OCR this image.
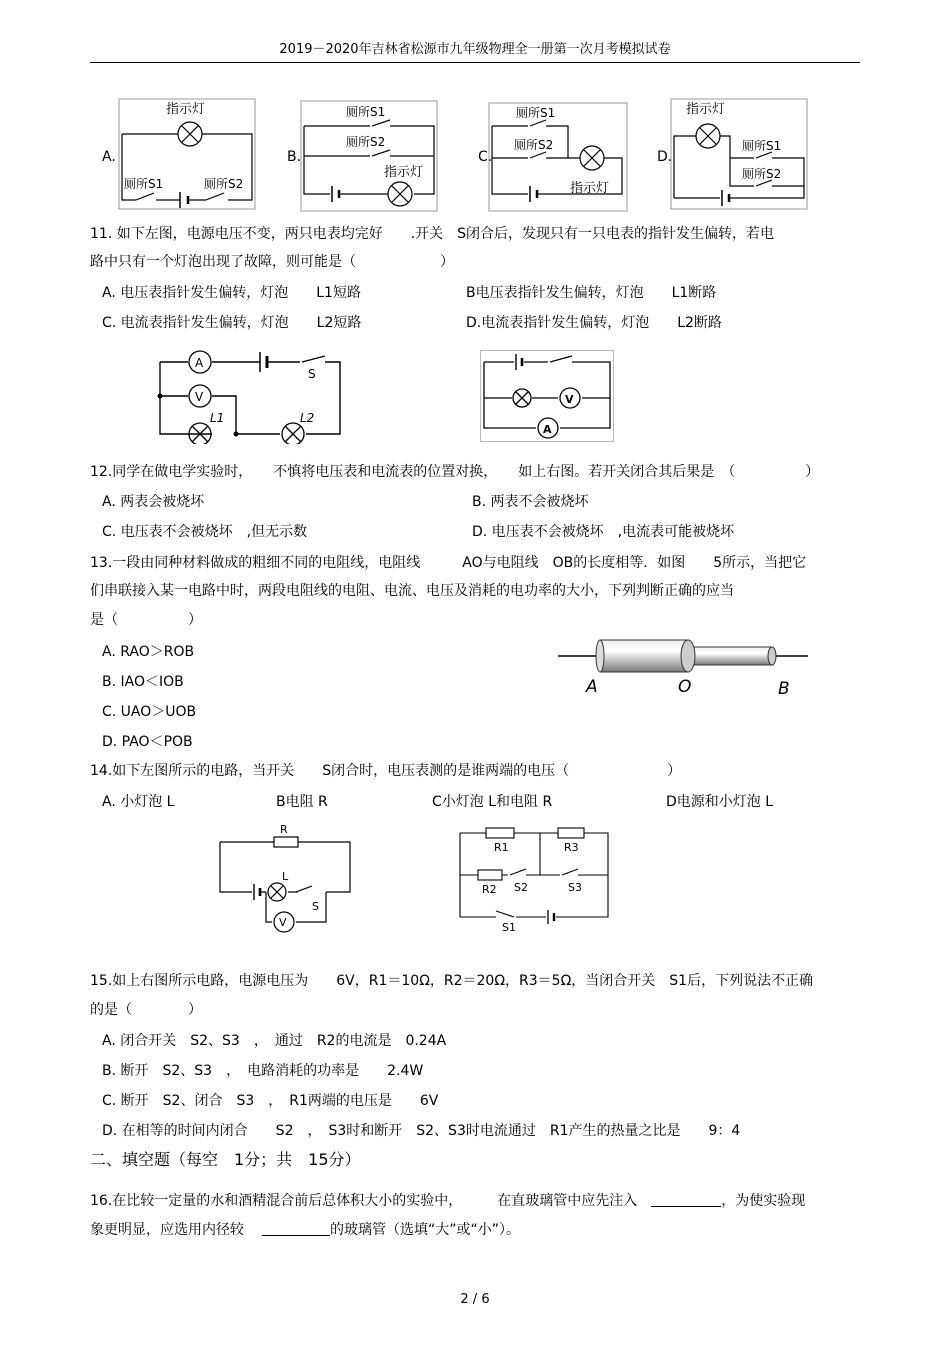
2019－2020年吉林省松源市九年级物理全一册第一次月考模拟试卷
A.
指示灯
厕所S1	厕所S2
B.
厕所S1
厕所S2
指示灯
C.
厕所S1
厕所S2
指示灯
D.
指示灯
厕所S1
厕所S2
11. 如下左图，电源电压不变，两只电表均完好　　.开关　S闭合后，发现只有一只电表的指针发生偏转，若电
路中只有一个灯泡出现了故障，则可能是（　　　　　　）
A. 电压表指针发生偏转，灯泡　　L1短路	B电压表指针发生偏转，灯泡　　L1断路
C. 电流表指针发生偏转，灯泡　　L2短路	D.电流表指针发生偏转，灯泡　　L2断路
A
S
V
L1	L2
V
A
12.同学在做电学实验时，　　不慎将电压表和电流表的位置对换，　　如上右图。若开关闭合其后果是　（　　　　　）
A. 两表会被烧坏	B. 两表不会被烧坏
C. 电压表不会被烧坏　,但无示数	D. 电压表不会被烧坏　,电流表可能被烧坏
13.一段由同种材料做成的粗细不同的电阻线，电阻线　　　AO与电阻线　OB的长度相等．如图　　5所示，当把它
们串联接入某一电路中时，两段电阻线的电阻、电流、电压及消耗的电功率的大小，下列判断正确的应当
是（　　　　　）
A. RAO＞ROB
B. IAO＜IOB
C. UAO＞UOB
D. PAO＜POB
A	O	B
14.如下左图所示的电路，当开关　　S闭合时，电压表测的是谁两端的电压（　　　　　　　）
A. 小灯泡 L	B电阻 R	C小灯泡 L和电阻 R	D电源和小灯泡 L
R
L
S
V
R1	R3
R2 S2	S3
S1
15.如上右图所示电路，电源电压为　　6V，R1＝10Ω，R2＝20Ω，R3＝5Ω，当闭合开关　S1后，下列说法不正确
的是（　　　　）
A. 闭合开关　S2、S3　，　通过　R2的电流是　0.24A
B. 断开　S2、S3　，　电路消耗的功率是　　2.4W
C. 断开　S2、闭合　S3　，　R1两端的电压是　　6V
D. 在相等的时间内闭合　　S2　，　S3时和断开　S2、S3时电流通过　R1产生的热量之比是　　9：4
二、填空题（每空　1分；共　15分）
16.在比较一定量的水和酒精混合前后总体积大小的实验中，　　　在直玻璃管中应先注入	，为使实验现
象更明显，应选用内径较	的玻璃管（选填“大”或“小”）。
2 / 6
